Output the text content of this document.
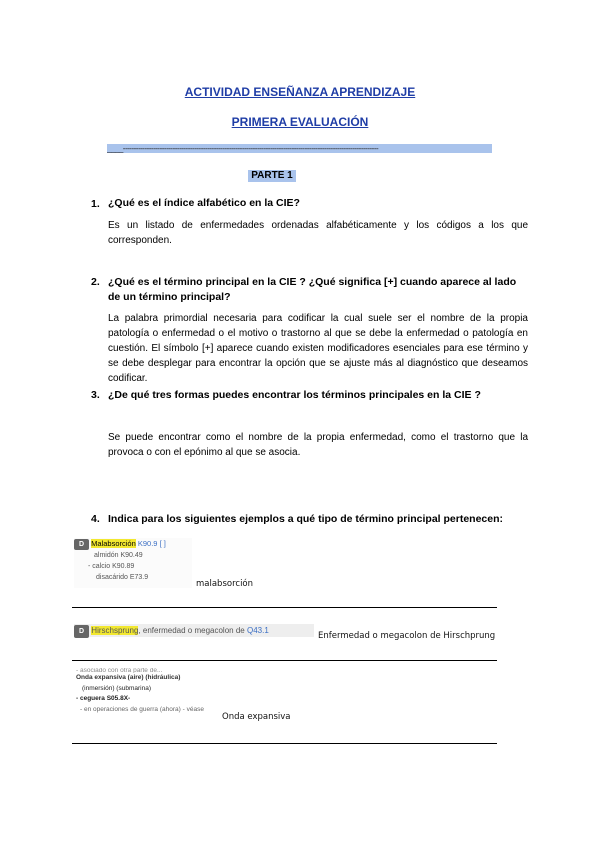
ACTIVIDAD ENSEÑANZA APRENDIZAJE
PRIMERA EVALUACIÓN
____----------------------------------------------------------------------------------------------------------------------
PARTE 1
1. ¿Qué es el índice alfabético en la CIE?
Es un listado de enfermedades ordenadas alfabéticamente y los códigos a los que corresponden.
2. ¿Qué es el término principal en la CIE ? ¿Qué significa [+] cuando aparece al lado de un término principal?
La palabra primordial necesaria para codificar la cual suele ser el nombre de la propia patología o enfermedad o el motivo o trastorno al que se debe la enfermedad o patología en cuestión. El símbolo [+] aparece cuando existen modificadores esenciales para ese término y se debe desplegar para encontrar la opción que se ajuste más al diagnóstico que deseamos codificar.
3. ¿De qué tres formas puedes encontrar los términos principales en la CIE ?
Se puede encontrar como el nombre de la propia enfermedad, como el trastorno que la provoca o con el epónimo al que se asocia.
4. Indica para los siguientes ejemplos a qué tipo de término principal pertenecen:
D Malabsorción K90.9 [ ]
almidón K90.49
- calcio K90.89
disacárido E73.9
malabsorción
D Hirschsprung, enfermedad o megacolon de Q43.1
Enfermedad o megacolon de Hirschprung
- asociado con otra parte de...
Onda expansiva (aire) (hidráulica)
(inmersión) (submarina)
- ceguera S05.8X-
- en operaciones de guerra (ahora) - véase
Onda expansiva
